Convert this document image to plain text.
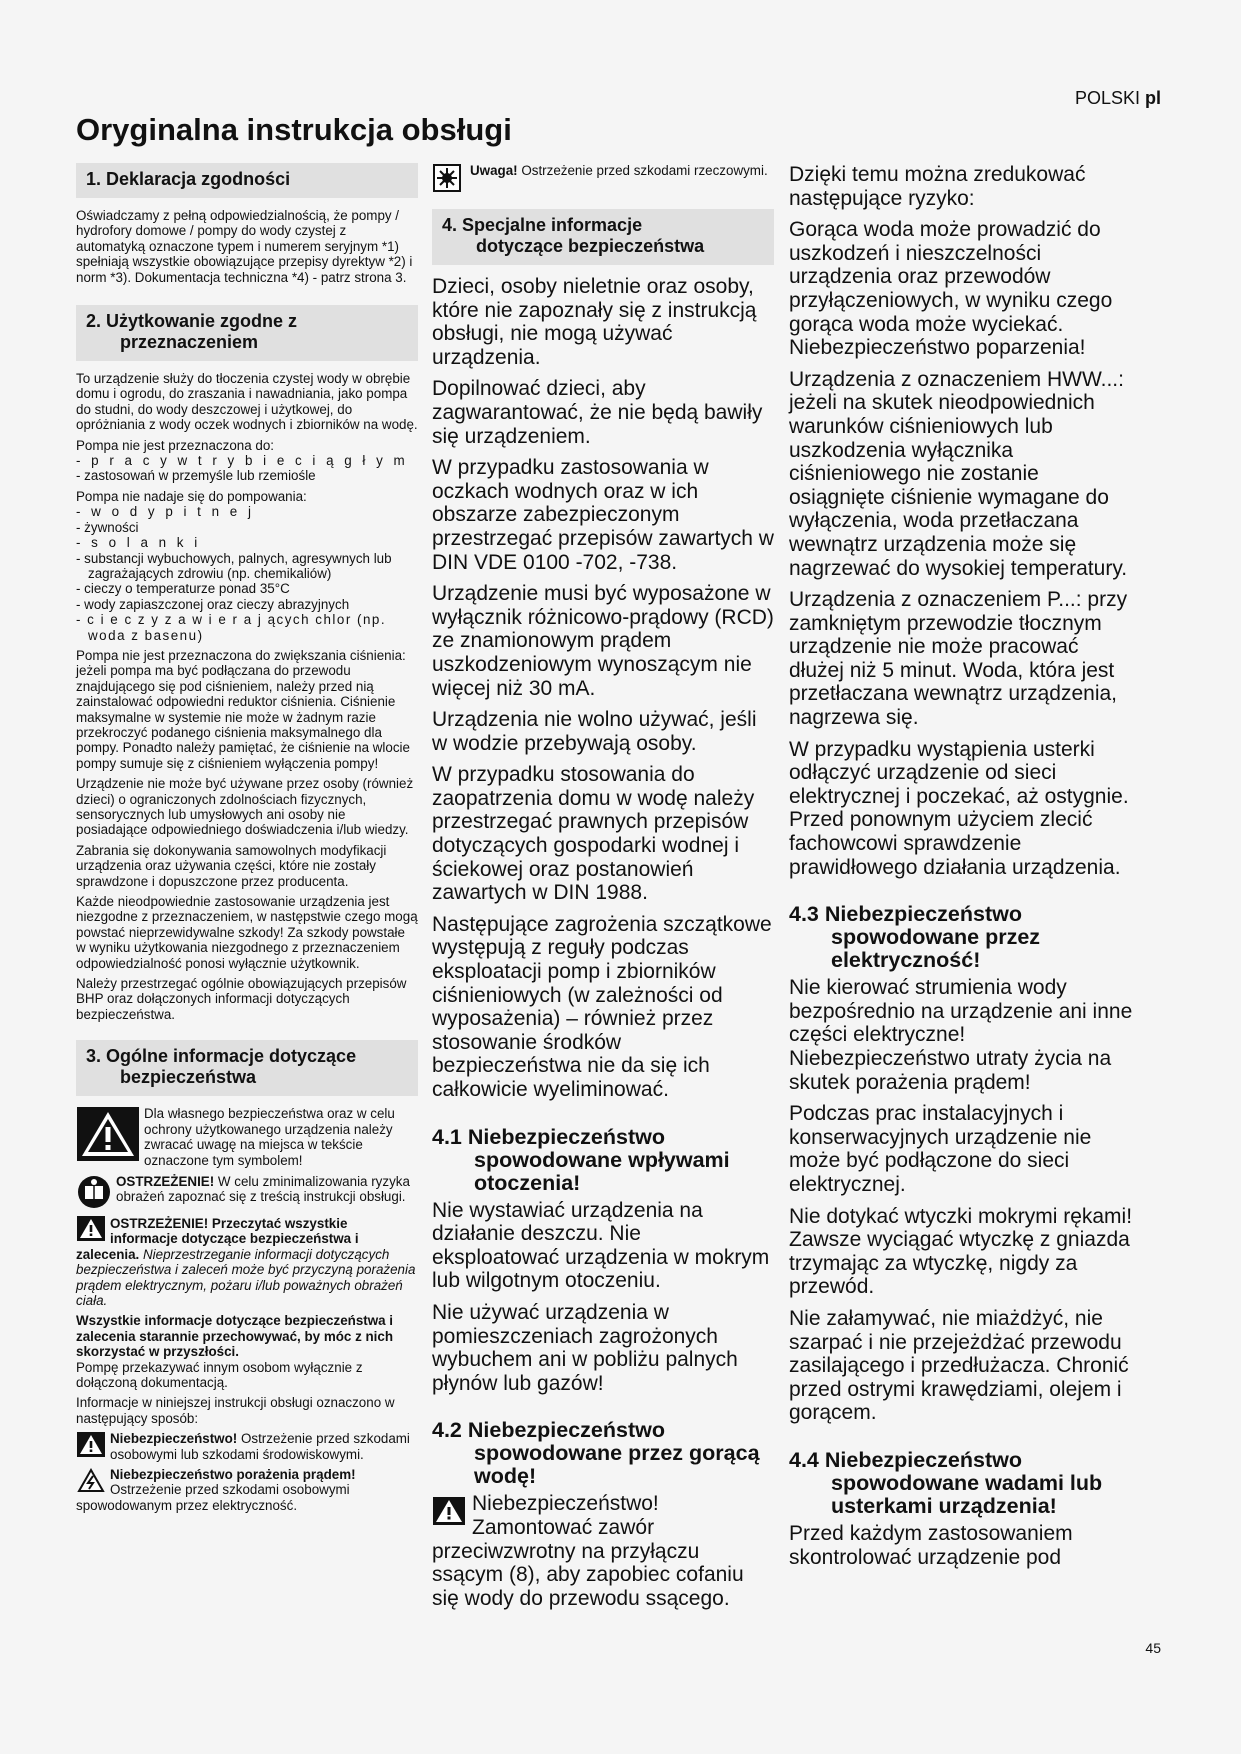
POLSKI pl
Oryginalna instrukcja obsługi
1. Deklaracja zgodności

Oświadczamy z pełną odpowiedzialnością, że pompy / hydrofory domowe / pompy do wody czystej z automatyką oznaczone typem i numerem seryjnym *1) spełniają wszystkie obowiązujące przepisy dyrektyw *2) i norm *3). Dokumentacja techniczna *4) - patrz strona 3.

2. Użytkowanie zgodne z
przeznaczeniem

To urządzenie służy do tłoczenia czystej wody w obrębie domu i ogrodu, do zraszania i nawadniania, jako pompa do studni, do wody deszczowej i użytkowej, do opróżniania z wody oczek wodnych i zbiorników na wodę.

Pompa nie jest przeznaczona do:
- p r a c y w t r y b i e c i ą g ł y m
- zastosowań w przemyśle lub rzemiośle
Pompa nie nadaje się do pompowania:
- w o d y p i t n e j
- żywności
- s o l a n k i
- substancji wybuchowych, palnych, agresywnych lub zagrażających zdrowiu (np. chemikaliów)
- cieczy o temperaturze ponad 35°C
- wody zapiaszczonej oraz cieczy abrazyjnych
- c i e c z y z a w i e r a j ących chlor (np. woda z basenu)

Pompa nie jest przeznaczona do zwiększania ciśnienia: jeżeli pompa ma być podłączana do przewodu znajdującego się pod ciśnieniem, należy przed nią zainstalować odpowiedni reduktor ciśnienia. Ciśnienie maksymalne w systemie nie może w żadnym razie przekroczyć podanego ciśnienia maksymalnego dla pompy. Ponadto należy pamiętać, że ciśnienie na wlocie pompy sumuje się z ciśnieniem wyłączenia pompy!

Urządzenie nie może być używane przez osoby (również dzieci) o ograniczonych zdolnościach fizycznych, sensorycznych lub umysłowych ani osoby nie posiadające odpowiedniego doświadczenia i/lub wiedzy.

Zabrania się dokonywania samowolnych modyfikacji urządzenia oraz używania części, które nie zostały sprawdzone i dopuszczone przez producenta.

Każde nieodpowiednie zastosowanie urządzenia jest niezgodne z przeznaczeniem, w następstwie czego mogą powstać nieprzewidywalne szkody! Za szkody powstałe w wyniku użytkowania niezgodnego z przeznaczeniem odpowiedzialność ponosi wyłącznie użytkownik.

Należy przestrzegać ogólnie obowiązujących przepisów BHP oraz dołączonych informacji dotyczących bezpieczeństwa.

3. Ogólne informacje dotyczące
bezpieczeństwa
Dla własnego bezpieczeństwa oraz w celu ochrony użytkowanego urządzenia należy zwracać uwagę na miejsca w tekście oznaczone tym symbolem!
OSTRZEŻENIE! W celu zminimalizowania ryzyka obrażeń zapoznać się z treścią instrukcji obsługi.

OSTRZEŻENIE! Przeczytać wszystkie informacje dotyczące bezpieczeństwa i zalecenia. Nieprzestrzeganie informacji dotyczących bezpieczeństwa i zaleceń może być przyczyną porażenia prądem elektrycznym, pożaru i/lub poważnych obrażeń ciała.

Wszystkie informacje dotyczące bezpieczeństwa i zalecenia starannie przechowywać, by móc z nich skorzystać w przyszłości.
Pompę przekazywać innym osobom wyłącznie z dołączoną dokumentacją.

Informacje w niniejszej instrukcji obsługi oznaczono w następujący sposób:

Niebezpieczeństwo! Ostrzeżenie przed szkodami osobowymi lub szkodami środowiskowymi.

Niebezpieczeństwo porażenia prądem! Ostrzeżenie przed szkodami osobowymi spowodowanym przez elektryczność.

Uwaga! Ostrzeżenie przed szkodami rzeczowymi.
4. Specjalne informacje
dotyczące bezpieczeństwa

Dzieci, osoby nieletnie oraz osoby, które nie zapoznały się z instrukcją obsługi, nie mogą używać urządzenia.

Dopilnować dzieci, aby zagwarantować, że nie będą bawiły się urządzeniem.

W przypadku zastosowania w oczkach wodnych oraz w ich obszarze zabezpieczonym przestrzegać przepisów zawartych w DIN VDE 0100 -702, -738.

Urządzenie musi być wyposażone w wyłącznik różnicowo-prądowy (RCD) ze znamionowym prądem uszkodzeniowym wynoszącym nie więcej niż 30 mA.

Urządzenia nie wolno używać, jeśli w wodzie przebywają osoby.

W przypadku stosowania do zaopatrzenia domu w wodę należy przestrzegać prawnych przepisów dotyczących gospodarki wodnej i ściekowej oraz postanowień zawartych w DIN 1988.

Następujące zagrożenia szczątkowe występują z reguły podczas eksploatacji pomp i zbiorników ciśnieniowych (w zależności od wyposażenia) – również przez stosowanie środków bezpieczeństwa nie da się ich całkowicie wyeliminować.

4.1 Niebezpieczeństwo
spowodowane wpływami otoczenia!

Nie wystawiać urządzenia na działanie deszczu. Nie eksploatować urządzenia w mokrym lub wilgotnym otoczeniu.

Nie używać urządzenia w pomieszczeniach zagrożonych wybuchem ani w pobliżu palnych płynów lub gazów!

4.2 Niebezpieczeństwo
spowodowane przez gorącą wodę!

Niebezpieczeństwo! Zamontować zawór przeciwzwrotny na przyłączu ssącym (8), aby zapobiec cofaniu się wody do przewodu ssącego.

Dzięki temu można zredukować następujące ryzyko:

Gorąca woda może prowadzić do uszkodzeń i nieszczelności urządzenia oraz przewodów przyłączeniowych, w wyniku czego gorąca woda może wyciekać. Niebezpieczeństwo poparzenia!

Urządzenia z oznaczeniem HWW...: jeżeli na skutek nieodpowiednich warunków ciśnieniowych lub uszkodzenia wyłącznika ciśnieniowego nie zostanie osiągnięte ciśnienie wymagane do wyłączenia, woda przetłaczana wewnątrz urządzenia może się nagrzewać do wysokiej temperatury.

Urządzenia z oznaczeniem P...: przy zamkniętym przewodzie tłocznym urządzenie nie może pracować dłużej niż 5 minut. Woda, która jest przetłaczana wewnątrz urządzenia, nagrzewa się.

W przypadku wystąpienia usterki odłączyć urządzenie od sieci elektrycznej i poczekać, aż ostygnie. Przed ponownym użyciem zlecić fachowcowi sprawdzenie prawidłowego działania urządzenia.

4.3 Niebezpieczeństwo
spowodowane przez elektryczność!

Nie kierować strumienia wody bezpośrednio na urządzenie ani inne części elektryczne! Niebezpieczeństwo utraty życia na skutek porażenia prądem!

Podczas prac instalacyjnych i konserwacyjnych urządzenie nie może być podłączone do sieci elektrycznej.

Nie dotykać wtyczki mokrymi rękami! Zawsze wyciągać wtyczkę z gniazda trzymając za wtyczkę, nigdy za przewód.

Nie załamywać, nie miażdżyć, nie szarpać i nie przejeżdżać przewodu zasilającego i przedłużacza. Chronić przed ostrymi krawędziami, olejem i gorącem.

4.4 Niebezpieczeństwo
spowodowane wadami lub usterkami urządzenia!

Przed każdym zastosowaniem skontrolować urządzenie pod

45
